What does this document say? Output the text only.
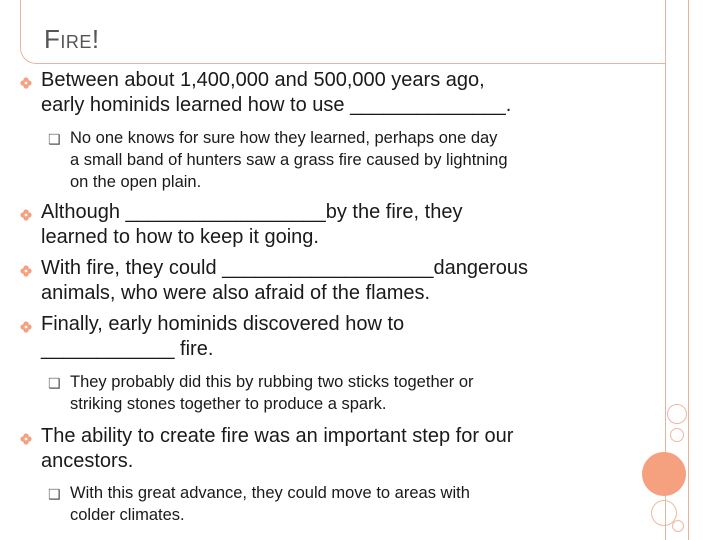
Fire!
Between about 1,400,000 and 500,000 years ago,
early hominids learned how to use ______________.
❑ No one knows for sure how they learned, perhaps one day
a small band of hunters saw a grass fire caused by lightning
on the open plain.
Although __________________by the fire, they
learned to how to keep it going.
With fire, they could ___________________dangerous
animals, who were also afraid of the flames.
Finally, early hominids discovered how to
____________ fire.
❑ They probably did this by rubbing two sticks together or
striking stones together to produce a spark.
The ability to create fire was an important step for our
ancestors.
❑ With this great advance, they could move to areas with
colder climates.
